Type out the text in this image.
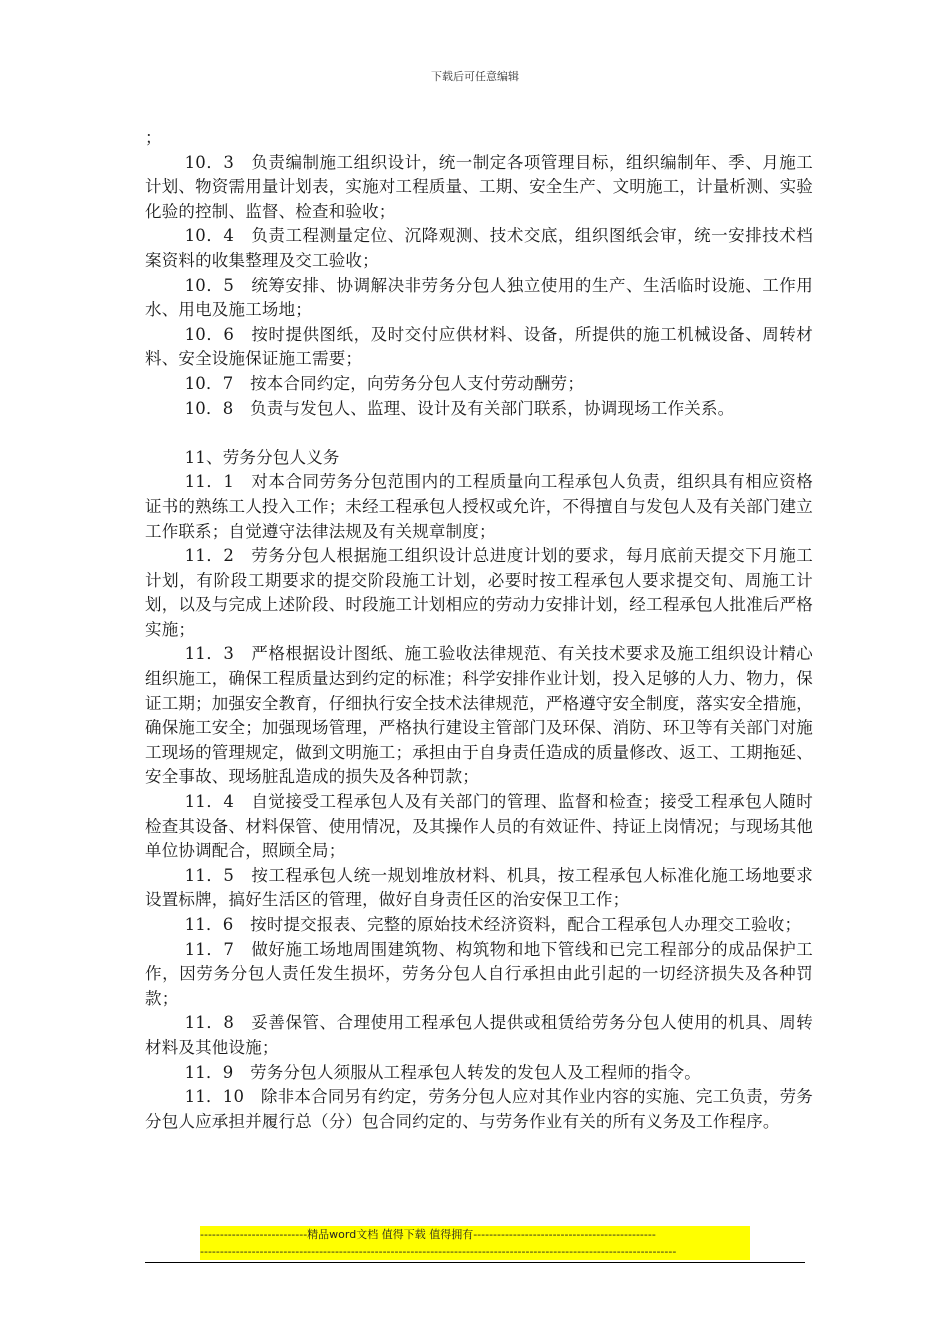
下载后可任意编辑

；

10．3　负责编制施工组织设计，统一制定各项管理目标，组织编制年、季、月施工计划、物资需用量计划表，实施对工程质量、工期、安全生产、文明施工，计量析测、实验化验的控制、监督、检查和验收；

10．4　负责工程测量定位、沉降观测、技术交底，组织图纸会审，统一安排技术档案资料的收集整理及交工验收；

10．5　统筹安排、协调解决非劳务分包人独立使用的生产、生活临时设施、工作用水、用电及施工场地；

10．6　按时提供图纸，及时交付应供材料、设备，所提供的施工机械设备、周转材料、安全设施保证施工需要；

10．7　按本合同约定，向劳务分包人支付劳动酬劳；

10．8　负责与发包人、监理、设计及有关部门联系，协调现场工作关系。

11、劳务分包人义务

11．1　对本合同劳务分包范围内的工程质量向工程承包人负责，组织具有相应资格证书的熟练工人投入工作；未经工程承包人授权或允许，不得擅自与发包人及有关部门建立工作联系；自觉遵守法律法规及有关规章制度；

11．2　劳务分包人根据施工组织设计总进度计划的要求，每月底前天提交下月施工计划，有阶段工期要求的提交阶段施工计划，必要时按工程承包人要求提交旬、周施工计划，以及与完成上述阶段、时段施工计划相应的劳动力安排计划，经工程承包人批准后严格实施；

11．3　严格根据设计图纸、施工验收法律规范、有关技术要求及施工组织设计精心组织施工，确保工程质量达到约定的标准；科学安排作业计划，投入足够的人力、物力，保证工期；加强安全教育，仔细执行安全技术法律规范，严格遵守安全制度，落实安全措施，确保施工安全；加强现场管理，严格执行建设主管部门及环保、消防、环卫等有关部门对施工现场的管理规定，做到文明施工；承担由于自身责任造成的质量修改、返工、工期拖延、安全事故、现场脏乱造成的损失及各种罚款；

11．4　自觉接受工程承包人及有关部门的管理、监督和检查；接受工程承包人随时检查其设备、材料保管、使用情况，及其操作人员的有效证件、持证上岗情况；与现场其他单位协调配合，照顾全局；

11．5　按工程承包人统一规划堆放材料、机具，按工程承包人标准化施工场地要求设置标牌，搞好生活区的管理，做好自身责任区的治安保卫工作；

11．6　按时提交报表、完整的原始技术经济资料，配合工程承包人办理交工验收；

11．7　做好施工场地周围建筑物、构筑物和地下管线和已完工程部分的成品保护工作，因劳务分包人责任发生损坏，劳务分包人自行承担由此引起的一切经济损失及各种罚款；

11．8　妥善保管、合理使用工程承包人提供或租赁给劳务分包人使用的机具、周转材料及其他设施；

11．9　劳务分包人须服从工程承包人转发的发包人及工程师的指令。

11．10　除非本合同另有约定，劳务分包人应对其作业内容的实施、完工负责，劳务分包人应承担并履行总（分）包合同约定的、与劳务作业有关的所有义务及工作程序。

---------------------------精品word文档 值得下载 值得拥有----------------------------------------------
------------------------------------------------------------------------------------------------------------------------
